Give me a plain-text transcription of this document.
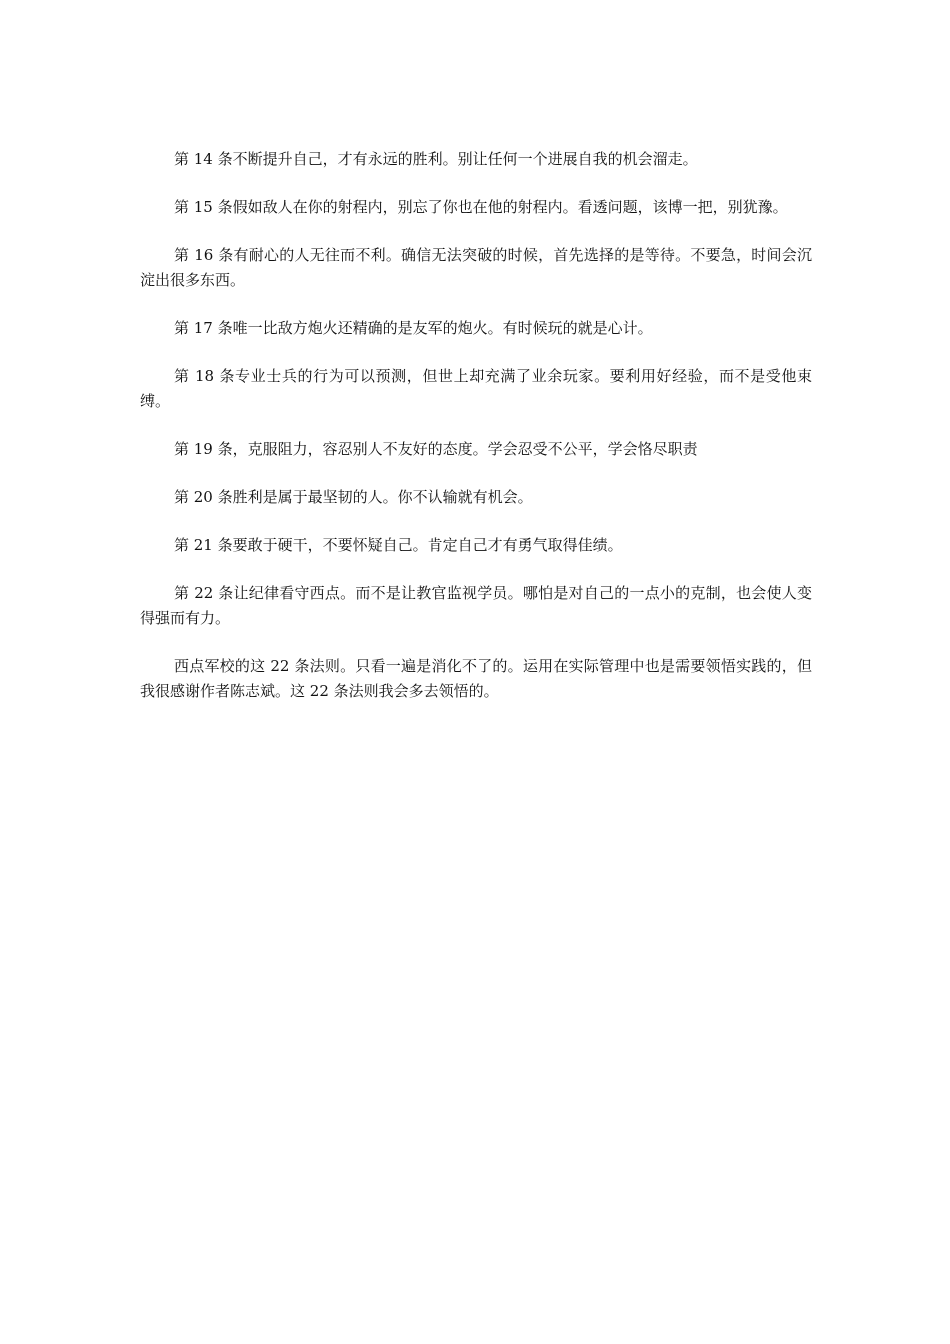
第 14 条不断提升自己，才有永远的胜利。别让任何一个进展自我的机会溜走。

第 15 条假如敌人在你的射程内，别忘了你也在他的射程内。看透问题，该博一把，别犹豫。

第 16 条有耐心的人无往而不利。确信无法突破的时候，首先选择的是等待。不要急，时间会沉淀出很多东西。

第 17 条唯一比敌方炮火还精确的是友军的炮火。有时候玩的就是心计。

第 18 条专业士兵的行为可以预测，但世上却充满了业余玩家。要利用好经验，而不是受他束缚。

第 19 条，克服阻力，容忍别人不友好的态度。学会忍受不公平，学会恪尽职责

第 20 条胜利是属于最坚韧的人。你不认输就有机会。

第 21 条要敢于硬干，不要怀疑自己。肯定自己才有勇气取得佳绩。

第 22 条让纪律看守西点。而不是让教官监视学员。哪怕是对自己的一点小的克制，也会使人变得强而有力。

西点军校的这 22 条法则。只看一遍是消化不了的。运用在实际管理中也是需要领悟实践的，但我很感谢作者陈志斌。这 22 条法则我会多去领悟的。
